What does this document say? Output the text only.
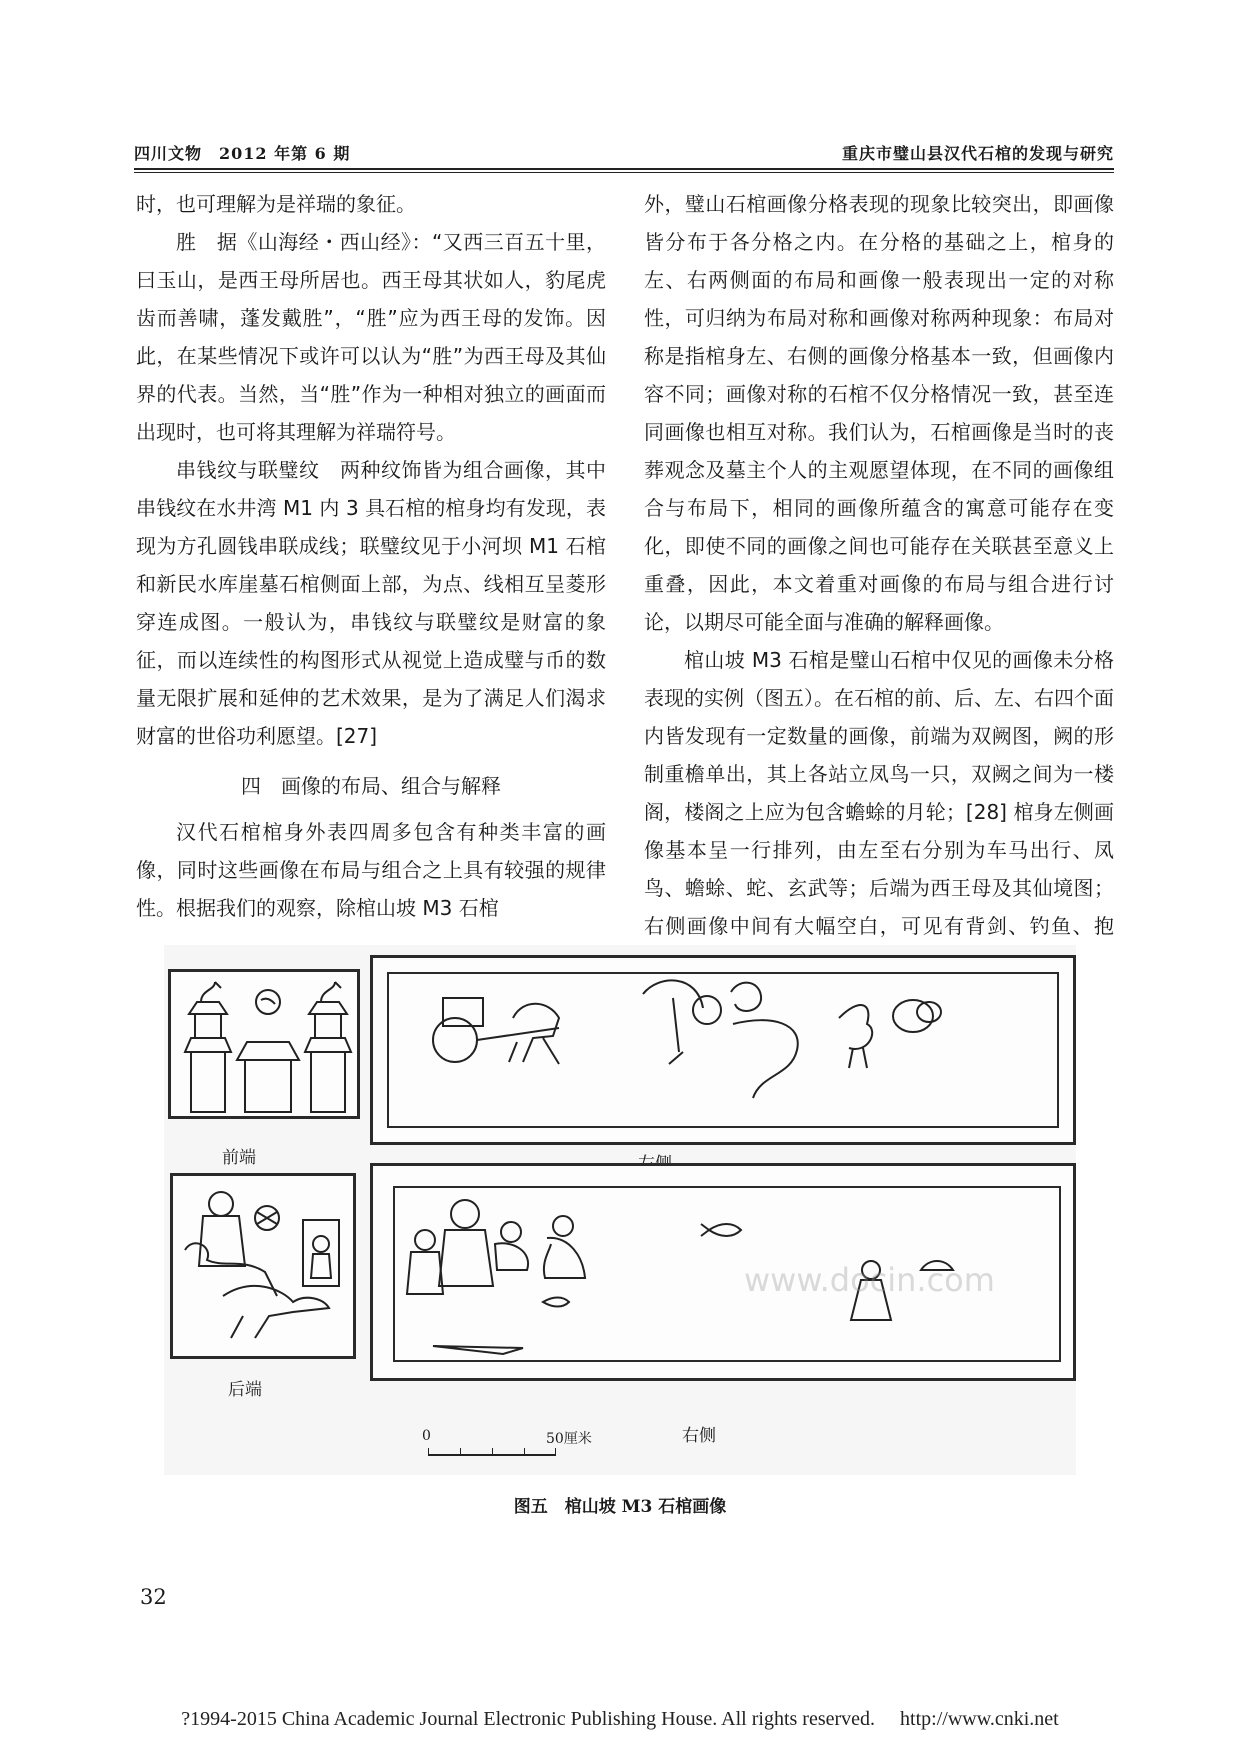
四川文物　2012 年第 6 期	重庆市璧山县汉代石棺的发现与研究

时，也可理解为是祥瑞的象征。

胜　据《山海经・西山经》：“又西三百五十里，曰玉山，是西王母所居也。西王母其状如人，豹尾虎齿而善啸，蓬发戴胜”，“胜”应为西王母的发饰。因此，在某些情况下或许可以认为“胜”为西王母及其仙界的代表。当然，当“胜”作为一种相对独立的画面而出现时，也可将其理解为祥瑞符号。

串钱纹与联璧纹　两种纹饰皆为组合画像，其中串钱纹在水井湾 M1 内 3 具石棺的棺身均有发现，表现为方孔圆钱串联成线；联璧纹见于小河坝 M1 石棺和新民水库崖墓石棺侧面上部，为点、线相互呈菱形穿连成图。一般认为，串钱纹与联璧纹是财富的象征，而以连续性的构图形式从视觉上造成璧与币的数量无限扩展和延伸的艺术效果，是为了满足人们渴求财富的世俗功利愿望。[27]

四　画像的布局、组合与解释

汉代石棺棺身外表四周多包含有种类丰富的画像，同时这些画像在布局与组合之上具有较强的规律性。根据我们的观察，除棺山坡 M3 石棺

外，璧山石棺画像分格表现的现象比较突出，即画像皆分布于各分格之内。在分格的基础之上，棺身的左、右两侧面的布局和画像一般表现出一定的对称性，可归纳为布局对称和画像对称两种现象：布局对称是指棺身左、右侧的画像分格基本一致，但画像内容不同；画像对称的石棺不仅分格情况一致，甚至连同画像也相互对称。我们认为，石棺画像是当时的丧葬观念及墓主个人的主观愿望体现，在不同的画像组合与布局下，相同的画像所蕴含的寓意可能存在变化，即使不同的画像之间也可能存在关联甚至意义上重叠，因此，本文着重对画像的布局与组合进行讨论，以期尽可能全面与准确的解释画像。

棺山坡 M3 石棺是璧山石棺中仅见的画像未分格表现的实例（图五）。在石棺的前、后、左、右四个面内皆发现有一定数量的画像，前端为双阙图，阙的形制重檐单出，其上各站立凤鸟一只，双阙之间为一楼阁，楼阁之上应为包含蟾蜍的月轮；[28] 棺身左侧画像基本呈一行排列，由左至右分别为车马出行、凤鸟、蟾蜍、蛇、玄武等；后端为西王母及其仙境图；右侧画像中间有大幅空白，可见有背剑、钓鱼、抱

前端
后端
右侧
0	50厘米
www.docin.com
图五　棺山坡 M3 石棺画像
32
?1994-2015 China Academic Journal Electronic Publishing House. All rights reserved.　 http://www.cnki.net
